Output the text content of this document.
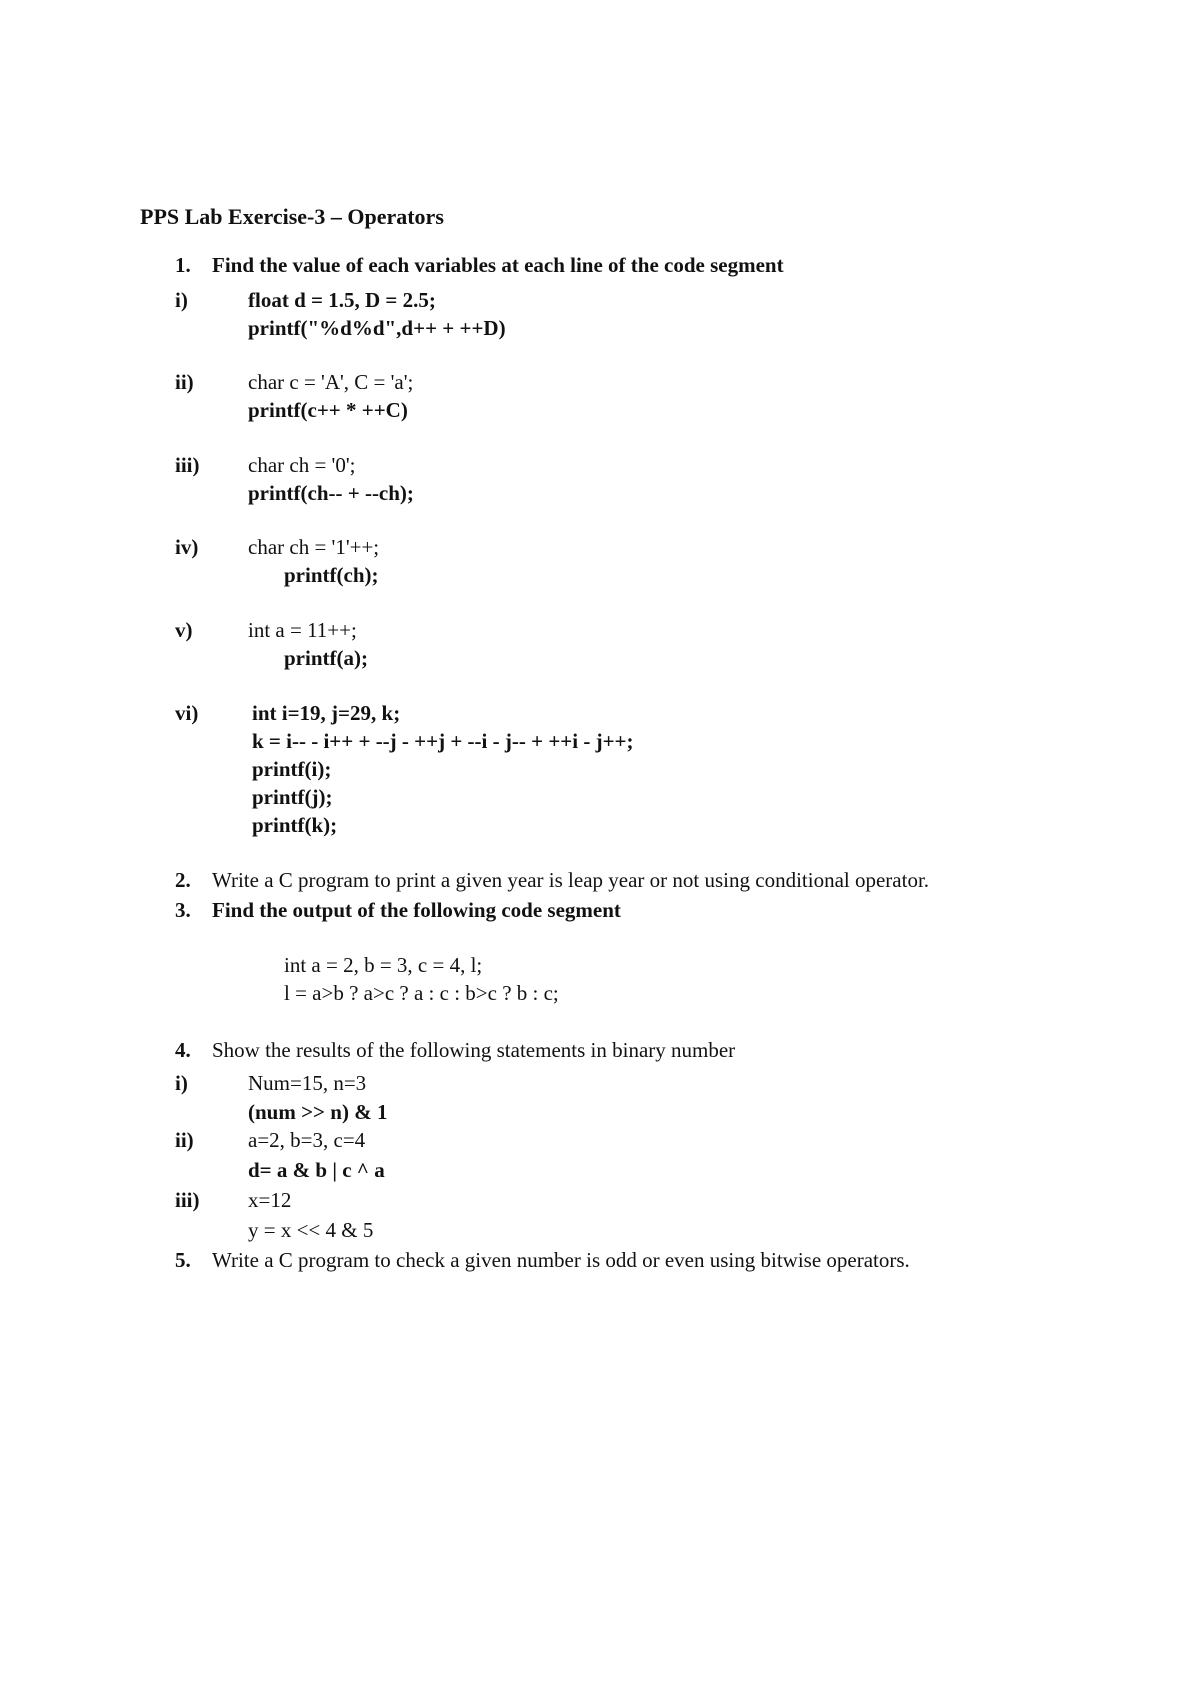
PPS Lab Exercise-3 – Operators
1. Find the value of each variables at each line of the code segment
i)	float d = 1.5, D = 2.5;
printf("%d%d",d++ + ++D)
ii)	char c = 'A', C = 'a';
printf(c++ * ++C)
iii) char ch = '0';
printf(ch-- + --ch);
iv) char ch = '1'++;
printf(ch);
v)	int a = 11++;
printf(a);
vi)	int i=19, j=29, k;
k = i-- - i++ + --j - ++j + --i - j-- + ++i - j++;
printf(i);
printf(j);
printf(k);
2. Write a C program to print a given year is leap year or not using conditional operator.
3. Find the output of the following code segment
int a = 2, b = 3, c = 4, l;
l = a>b ? a>c ? a : c : b>c ? b : c;
4. Show the results of the following statements in binary number
i)	Num=15, n=3
(num >> n) & 1
ii)	a=2, b=3, c=4
d= a & b | c ^ a
iii) x=12
y = x << 4 & 5
5. Write a C program to check a given number is odd or even using bitwise operators.
